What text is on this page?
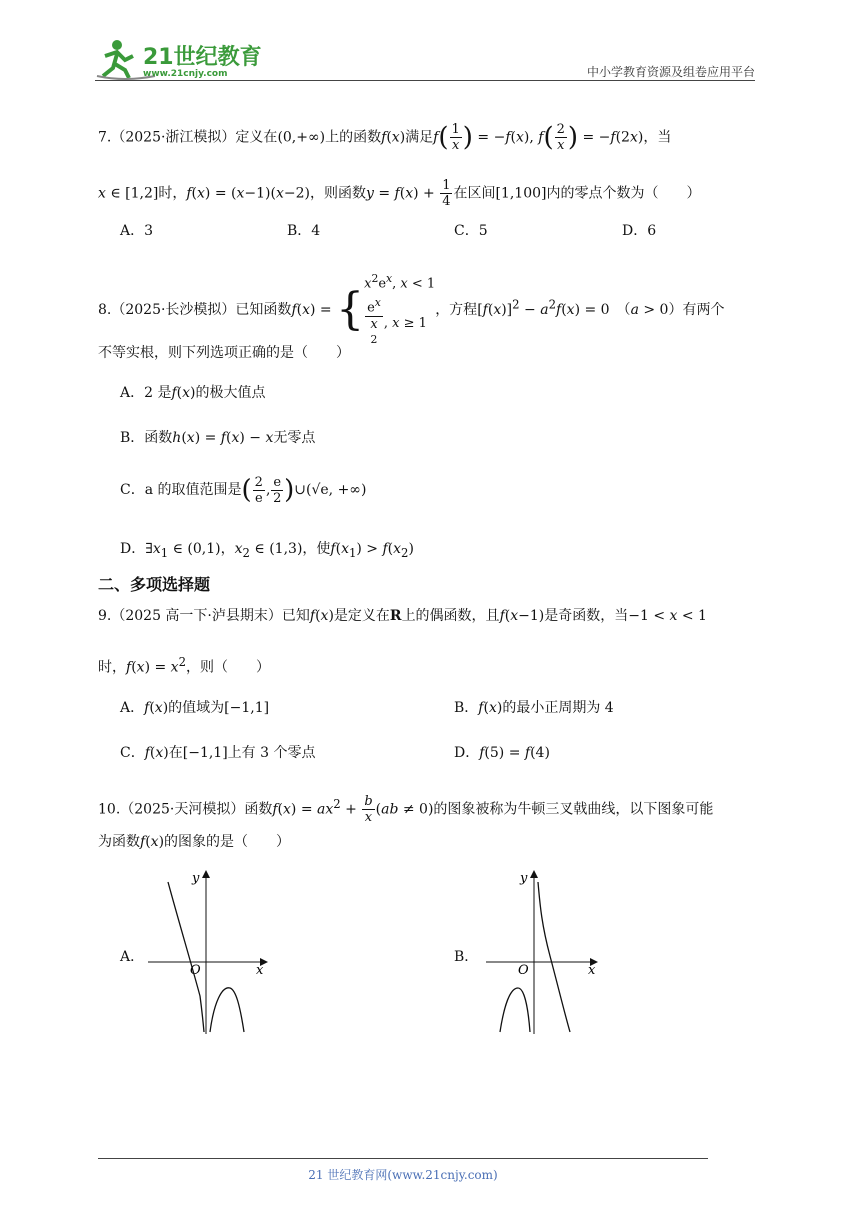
21世纪教育
www.21cnjy.com	中小学教育资源及组卷应用平台
7.（2025·浙江模拟）定义在(0,+∞)上的函数f(x)满足$f( \frac{1}{x}$ ) = −f(x), $f( \frac{2}{x}$ ) = −f(2x)，当
x ∈ [1,2]时，f(x) = (x−1)(x−2)，则函数$y = f(x) + \frac{1}{4}$ 在区间[1,100]内的零点个数为（　　）
A．3	B．4	C．5	D．6
8.（2025·长沙模拟）已知函数f(x) = {
$x^2e^x$, x < 1
$e^x$
x
$^2$ , x ≥ 1
，方程$[f(x)]^2 - a^2f(x) = 0$　（a > 0）有两个
不等实根，则下列选项正确的是（　　）
A．2 是f(x)的极大值点
B．函数h(x) = f(x) − x无零点
C．a 的取值范围是( $\frac{2}{e}$ , $\frac{e}{2}$ )∪(√e, +∞)
D．$\exists x_1$ ∈ (0,1)，$x_2$ ∈ (1,3)，使$f(x_1) > f(x_2)$
二、多项选择题
9.（2025 高一下·泸县期末）已知f(x)是定义在R上的偶函数，且f(x−1)是奇函数，当−1 < x < 1
时，$f(x) = x^2$，则（　　）
A．f(x)的值域为[−1,1]	B．f(x)的最小正周期为 4
C．f(x)在[−1,1]上有 3 个零点	D．f(5) = f(4)
10.（2025·天河模拟）函数$f(x) = ax^2 + \frac{b}{x} (ab \ne 0)$的图象被称为牛顿三叉戟曲线，以下图象可能
为函数f(x)的图象的是（　　）
A．
y
x
O
B．
y
x
O
21 世纪教育网(www.21cnjy.com)
